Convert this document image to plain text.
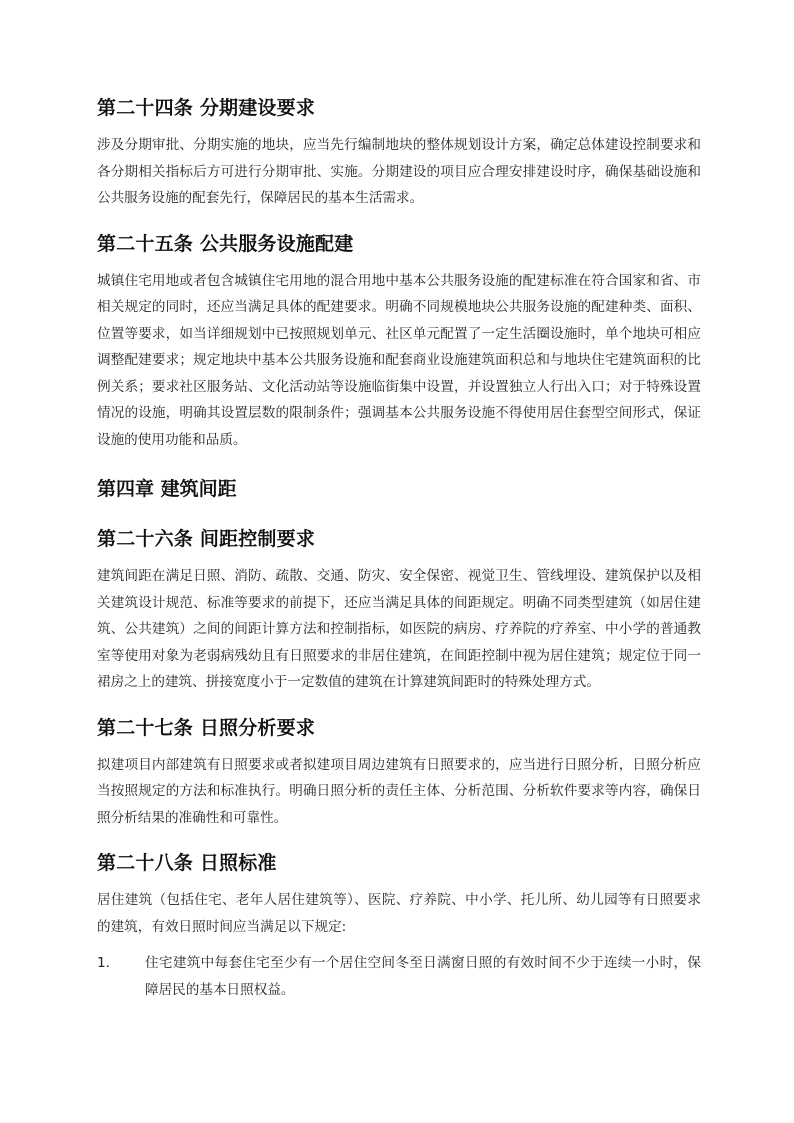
第二十四条 分期建设要求

涉及分期审批、分期实施的地块，应当先行编制地块的整体规划设计方案，确定总体建设控制要求和各分期相关指标后方可进行分期审批、实施。分期建设的项目应合理安排建设时序，确保基础设施和公共服务设施的配套先行，保障居民的基本生活需求。

第二十五条 公共服务设施配建

城镇住宅用地或者包含城镇住宅用地的混合用地中基本公共服务设施的配建标准在符合国家和省、市相关规定的同时，还应当满足具体的配建要求。明确不同规模地块公共服务设施的配建种类、面积、位置等要求，如当详细规划中已按照规划单元、社区单元配置了一定生活圈设施时，单个地块可相应调整配建要求；规定地块中基本公共服务设施和配套商业设施建筑面积总和与地块住宅建筑面积的比例关系；要求社区服务站、文化活动站等设施临街集中设置，并设置独立人行出入口；对于特殊设置情况的设施，明确其设置层数的限制条件；强调基本公共服务设施不得使用居住套型空间形式，保证设施的使用功能和品质。

第四章 建筑间距
第二十六条 间距控制要求

建筑间距在满足日照、消防、疏散、交通、防灾、安全保密、视觉卫生、管线埋设、建筑保护以及相关建筑设计规范、标准等要求的前提下，还应当满足具体的间距规定。明确不同类型建筑（如居住建筑、公共建筑）之间的间距计算方法和控制指标，如医院的病房、疗养院的疗养室、中小学的普通教室等使用对象为老弱病残幼且有日照要求的非居住建筑，在间距控制中视为居住建筑；规定位于同一裙房之上的建筑、拼接宽度小于一定数值的建筑在计算建筑间距时的特殊处理方式。

第二十七条 日照分析要求

拟建项目内部建筑有日照要求或者拟建项目周边建筑有日照要求的，应当进行日照分析，日照分析应当按照规定的方法和标准执行。明确日照分析的责任主体、分析范围、分析软件要求等内容，确保日照分析结果的准确性和可靠性。

第二十八条 日照标准

居住建筑（包括住宅、老年人居住建筑等）、医院、疗养院、中小学、托儿所、幼儿园等有日照要求的建筑，有效日照时间应当满足以下规定:

1.	住宅建筑中每套住宅至少有一个居住空间冬至日满窗日照的有效时间不少于连续一小时，保障居民的基本日照权益。
